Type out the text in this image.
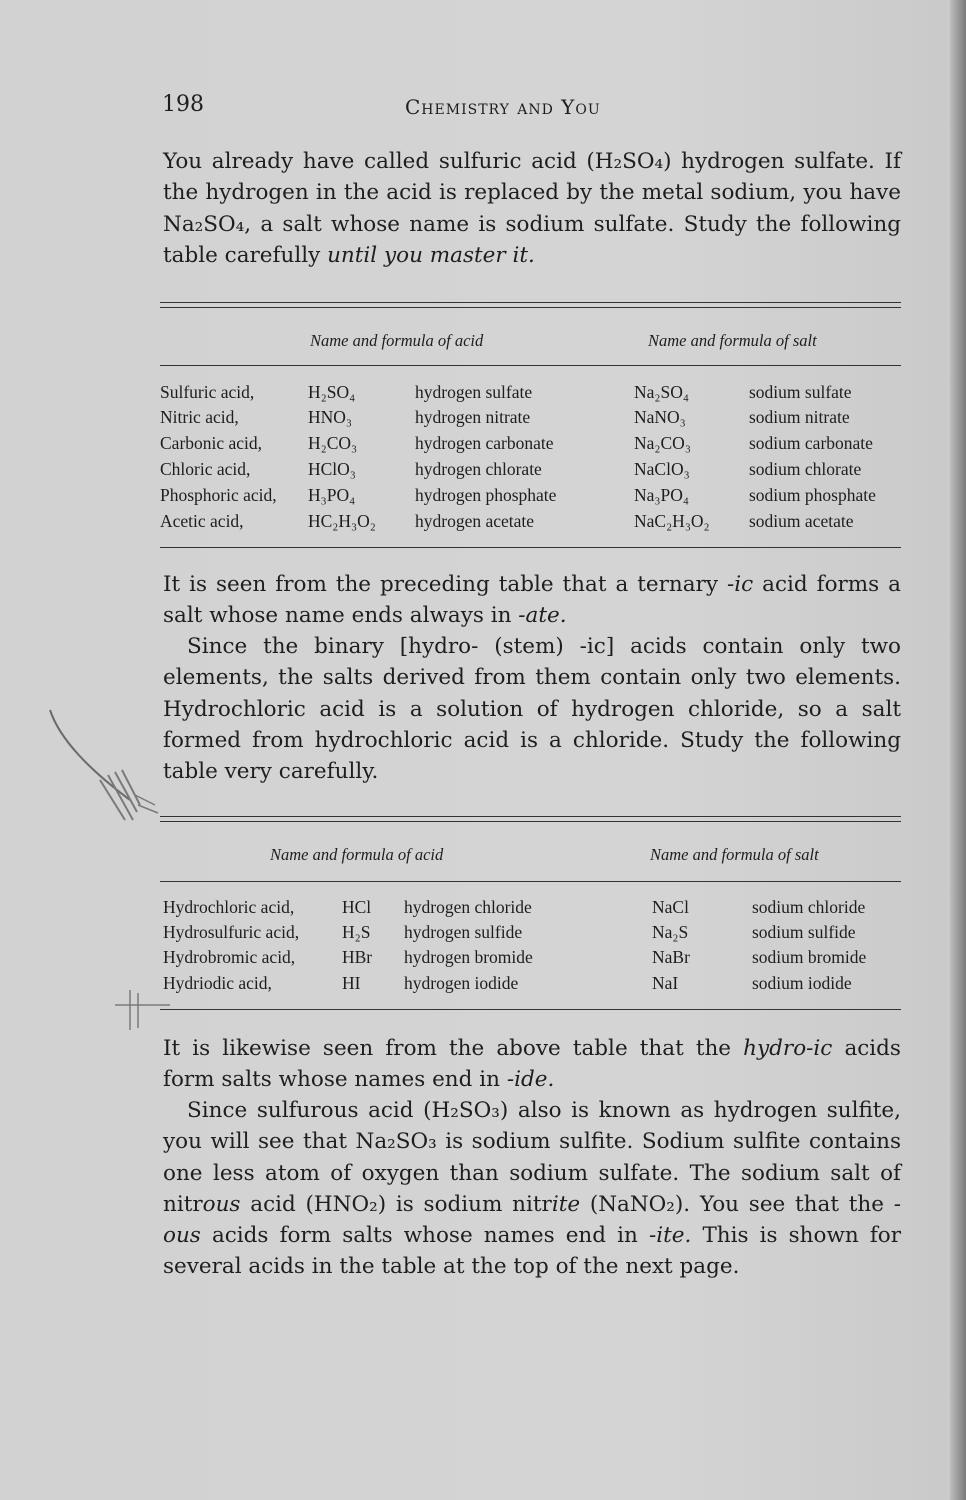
198	Chemistry and You
You already have called sulfuric acid (H₂SO₄) hydrogen sulfate. If the hydrogen in the acid is replaced by the metal sodium, you have Na₂SO₄, a salt whose name is sodium sulfate. Study the following table carefully until you master it.
Name and formula of acid	Name and formula of salt
Sulfuric acid,	H₂SO₄	hydrogen sulfate	Na₂SO₄	sodium sulfate
Nitric acid,	HNO₃	hydrogen nitrate	NaNO₃	sodium nitrate
Carbonic acid,	H₂CO₃	hydrogen carbonate	Na₂CO₃	sodium carbonate
Chloric acid,	HClO₃	hydrogen chlorate	NaClO₃	sodium chlorate
Phosphoric acid, H₃PO₄	hydrogen phosphate	Na₃PO₄	sodium phosphate
Acetic acid,	HC₂H₃O₂ hydrogen acetate	NaC₂H₃O₂ sodium acetate
It is seen from the preceding table that a ternary -ic acid forms a salt whose name ends always in -ate.
Since the binary [hydro- (stem) -ic] acids contain only two elements, the salts derived from them contain only two elements. Hydrochloric acid is a solution of hydrogen chloride, so a salt formed from hydrochloric acid is a chloride. Study the following table very carefully.
Name and formula of acid	Name and formula of salt
Hydrochloric acid,	HCl hydrogen chloride	NaCl	sodium chloride
Hydrosulfuric acid, H₂S hydrogen sulfide	Na₂S	sodium sulfide
Hydrobromic acid,	HBr hydrogen bromide	NaBr	sodium bromide
Hydriodic acid,	HI hydrogen iodide	NaI	sodium iodide
It is likewise seen from the above table that the hydro-ic acids form salts whose names end in -ide.
Since sulfurous acid (H₂SO₃) also is known as hydrogen sulfite, you will see that Na₂SO₃ is sodium sulfite. Sodium sulfite contains one less atom of oxygen than sodium sulfate. The sodium salt of nitrous acid (HNO₂) is sodium nitrite (NaNO₂). You see that the -ous acids form salts whose names end in -ite. This is shown for several acids in the table at the top of the next page.
